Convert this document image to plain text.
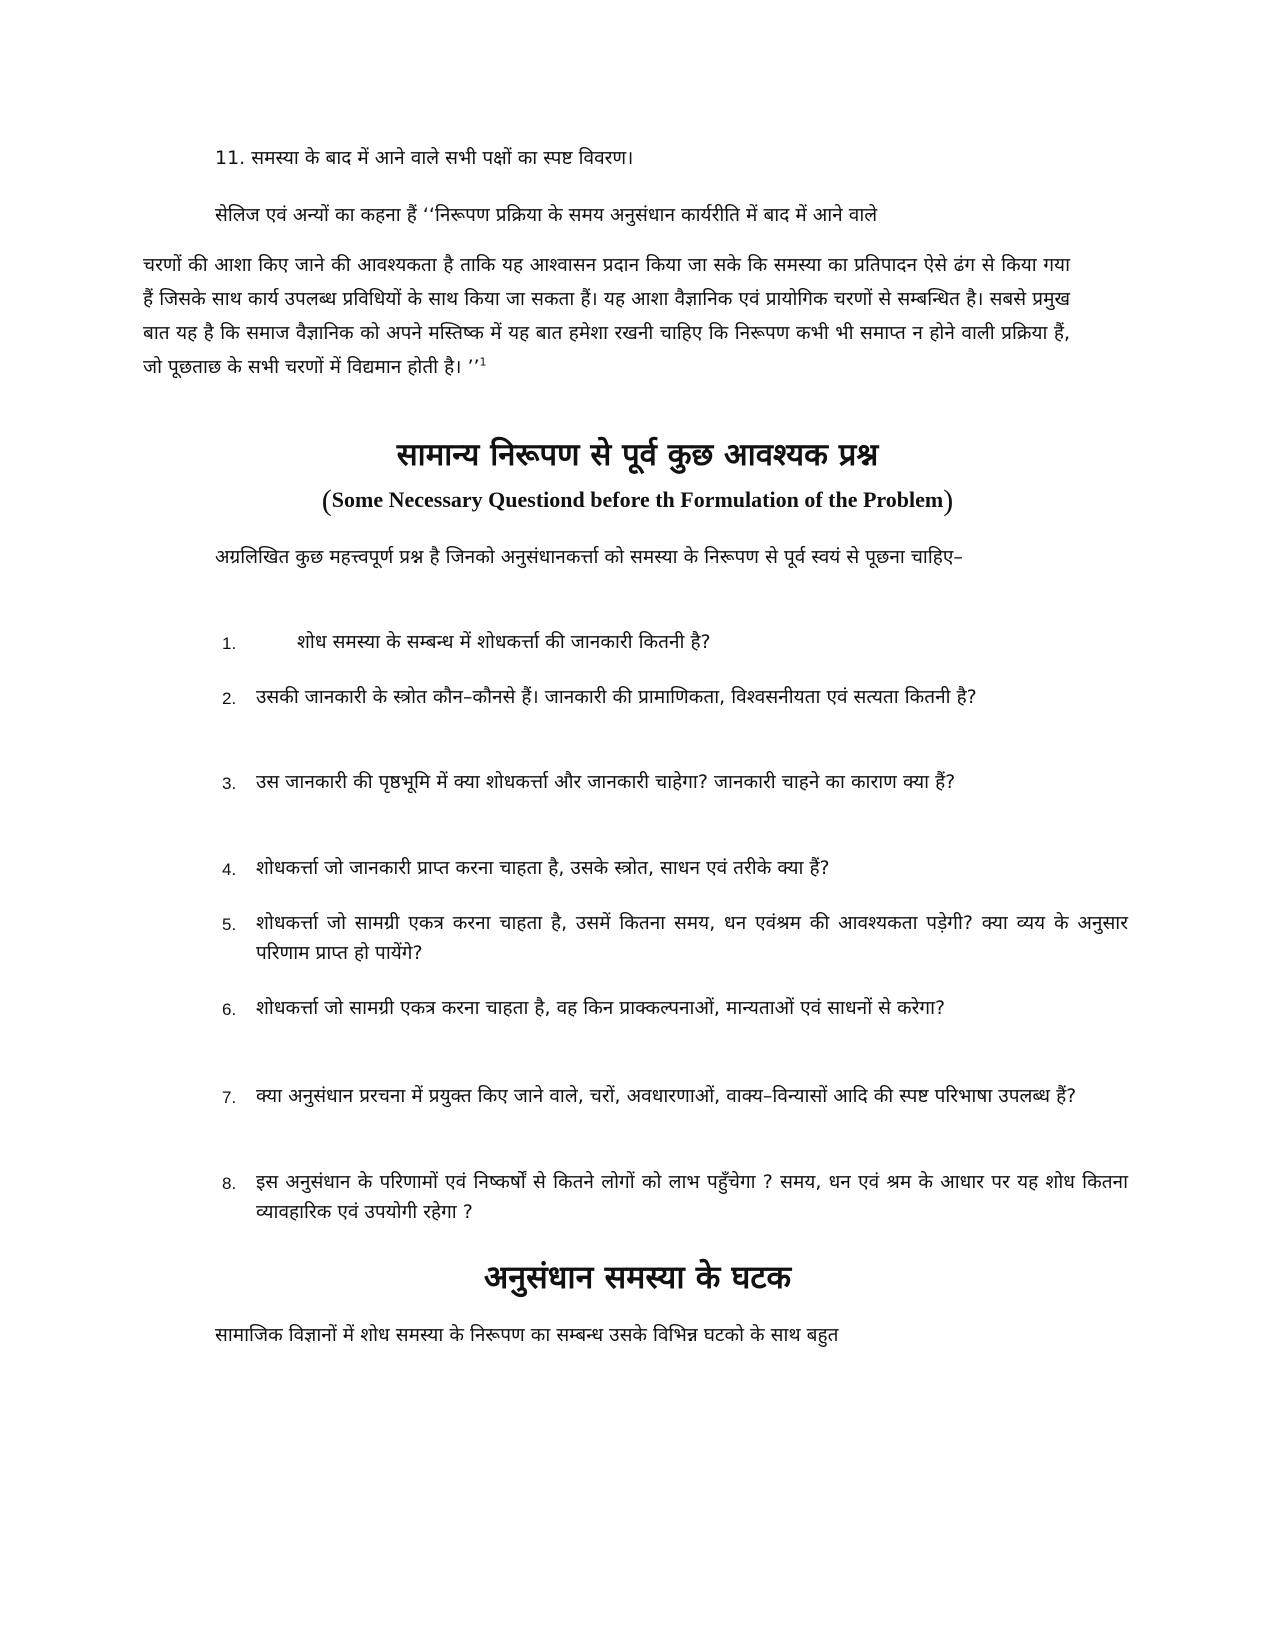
11. समस्या के बाद में आने वाले सभी पक्षों का स्पष्ट विवरण।
सेलिज एवं अन्यों का कहना हैं ‘‘निरूपण प्रक्रिया के समय अनुसंधान कार्यरीति में बाद में आने वाले
चरणों की आशा किए जाने की आवश्यकता है ताकि यह आश्वासन प्रदान किया जा सके कि समस्या का प्रतिपादन ऐसे ढंग से किया गया हैं जिसके साथ कार्य उपलब्ध प्रविधियों के साथ किया जा सकता हैं। यह आशा वैज्ञानिक एवं प्रायोगिक चरणों से सम्बन्धित है। सबसे प्रमुख बात यह है कि समाज वैज्ञानिक को अपने मस्तिष्क में यह बात हमेशा रखनी चाहिए कि निरूपण कभी भी समाप्त न होने वाली प्रक्रिया हैं, जो पूछताछ के सभी चरणों में विद्यमान होती है। ’’$^1$
सामान्य निरूपण से पूर्व कुछ आवश्यक प्रश्न
(Some Necessary Questiond before th Formulation of the Problem)
अग्रलिखित कुछ महत्त्वपूर्ण प्रश्न है जिनको अनुसंधानकर्त्ता को समस्या के निरूपण से पूर्व स्वयं से पूछना चाहिए–
1.	शोध समस्या के सम्बन्ध में शोधकर्त्ता की जानकारी कितनी है?
2.	उसकी जानकारी के स्त्रोत कौन–कौनसे हैं। जानकारी की प्रामाणिकता, विश्वसनीयता एवं सत्यता कितनी है?
3.	उस जानकारी की पृष्ठभूमि में क्या शोधकर्त्ता और जानकारी चाहेगा? जानकारी चाहने का काराण क्या हैं?
4.	शोधकर्त्ता जो जानकारी प्राप्त करना चाहता है, उसके स्त्रोत, साधन एवं तरीके क्या हैं?
5.	शोधकर्त्ता जो सामग्री एकत्र करना चाहता है, उसमें कितना समय, धन एवंश्रम की आवश्यकता पड़ेगी? क्या व्यय के अनुसार परिणाम प्राप्त हो पायेंगे?
6.	शोधकर्त्ता जो सामग्री एकत्र करना चाहता है, वह किन प्राक्कल्पनाओं, मान्यताओं एवं साधनों से करेगा?
7.	क्या अनुसंधान प्ररचना में प्रयुक्त किए जाने वाले, चरों, अवधारणाओं, वाक्य–विन्यासों आदि की स्पष्ट परिभाषा उपलब्ध हैं?
8.	इस अनुसंधान के परिणामों एवं निष्कर्षों से कितने लोगों को लाभ पहुँचेगा ? समय, धन एवं श्रम के आधार पर यह शोध कितना व्यावहारिक एवं उपयोगी रहेगा ?
अनुसंधान समस्या के घटक
सामाजिक विज्ञानों में शोध समस्या के निरूपण का सम्बन्ध उसके विभिन्न घटको के साथ बहुत
